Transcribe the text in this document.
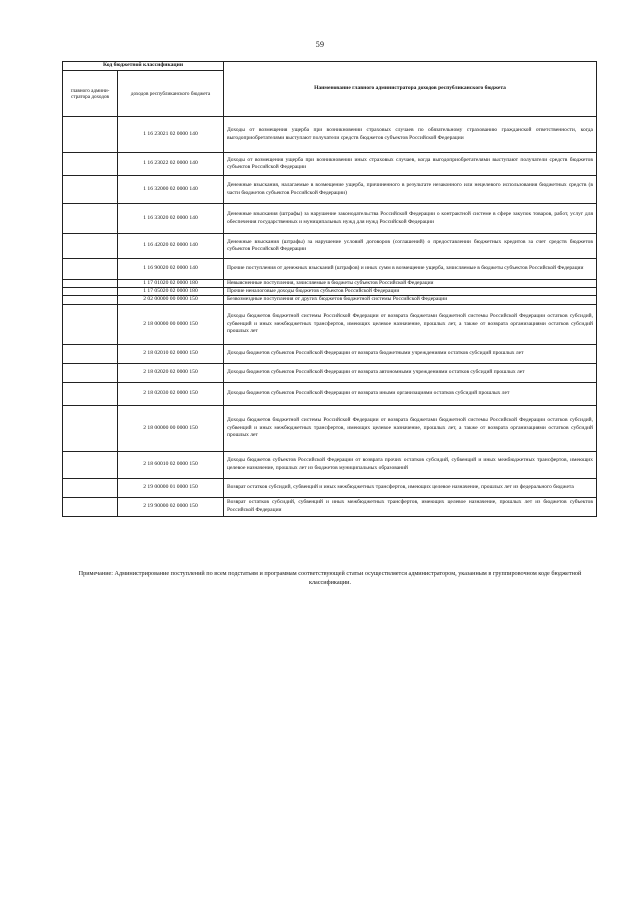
59
Код бюджетной классификации		Наименование главного администратора доходов республиканского бюджета
главного админи-стратора доходов	доходов республиканского бюджета	
	1 16 23021 02 0000 140	Доходы от возмещения ущерба при возникновении страховых случаев по обязательному страхованию гражданской ответственности, когда выгодоприобретателями выступают получатели средств бюджетов субъектов Российской Федерации
	1 16 23022 02 0000 140	Доходы от возмещения ущерба при возникновении иных страховых случаев, когда выгодоприобретателями выступают получатели средств бюджетов субъектов Российской Федерации
	1 16 32000 02 0000 140	Денежные взыскания, налагаемые в возмещение ущерба, причиненного в результате незаконного или нецелевого использования бюджетных средств (в части бюджетов субъектов Российской Федерации)
	1 16 33020 02 0000 140	Денежные взыскания (штрафы) за нарушение законодательства Российской Федерации о контрактной системе в сфере закупок товаров, работ, услуг для обеспечения государственных и муниципальных нужд для нужд Российской Федерации
	1 16 42020 02 0000 140	Денежные взыскания (штрафы) за нарушение условий договоров (соглашений) о предоставлении бюджетных кредитов за счет средств бюджетов субъектов Российской Федерации
	1 16 90020 02 0000 140	Прочие поступления от денежных взысканий (штрафов) и иных сумм в возмещение ущерба, зачисляемые в бюджеты субъектов Российской Федерации
	1 17 01020 02 0000 180	Невыясненные поступления, зачисляемые в бюджеты субъектов Российской Федерации
	1 17 05020 02 0000 180	Прочие неналоговые доходы бюджетов субъектов Российской Федерации
	2 02 00000 00 0000 150	Безвозмездные поступления от других бюджетов бюджетной системы Российской Федерации
	2 18 00000 00 0000 150	Доходы бюджетов бюджетной системы Российской Федерации от возврата бюджетами бюджетной системы Российской Федерации остатков субсидий, субвенций и иных межбюджетных трансфертов, имеющих целевое назначение, прошлых лет, а также от возврата организациями остатков субсидий прошлых лет
	2 18 02010 02 0000 150	Доходы бюджетов субъектов Российской Федерации от возврата бюджетными учреждениями остатков субсидий прошлых лет
	2 18 02020 02 0000 150	Доходы бюджетов субъектов Российской Федерации от возврата автономными учреждениями остатков субсидий прошлых лет
	2 18 02030 02 0000 150	Доходы бюджетов субъектов Российской Федерации от возврата иными организациями остатков субсидий прошлых лет
	2 18 00000 00 0000 150	Доходы бюджетов бюджетной системы Российской Федерации от возврата бюджетами бюджетной системы Российской Федерации остатков субсидий, субвенций и иных межбюджетных трансфертов, имеющих целевое назначение, прошлых лет, а также от возврата организациями остатков субсидий прошлых лет
	2 18 60010 02 0000 150	Доходы бюджетов субъектов Российской Федерации от возврата прочих остатков субсидий, субвенций и иных межбюджетных трансфертов, имеющих целевое назначение, прошлых лет из бюджетов муниципальных образований
	2 19 00000 01 0000 150	Возврат остатков субсидий, субвенций и иных межбюджетных трансфертов, имеющих целевое назначение, прошлых лет из федерального бюджета
	2 19 90000 02 0000 150	Возврат остатков субсидий, субвенций и иных межбюджетных трансфертов, имеющих целевое назначение, прошлых лет из бюджетов субъектов Российской Федерации
Примечание: Администрирование поступлений по всем подстатьям и программам соответствующей статьи осуществляется администратором, указанным в группировочном коде бюджетной классификации.
